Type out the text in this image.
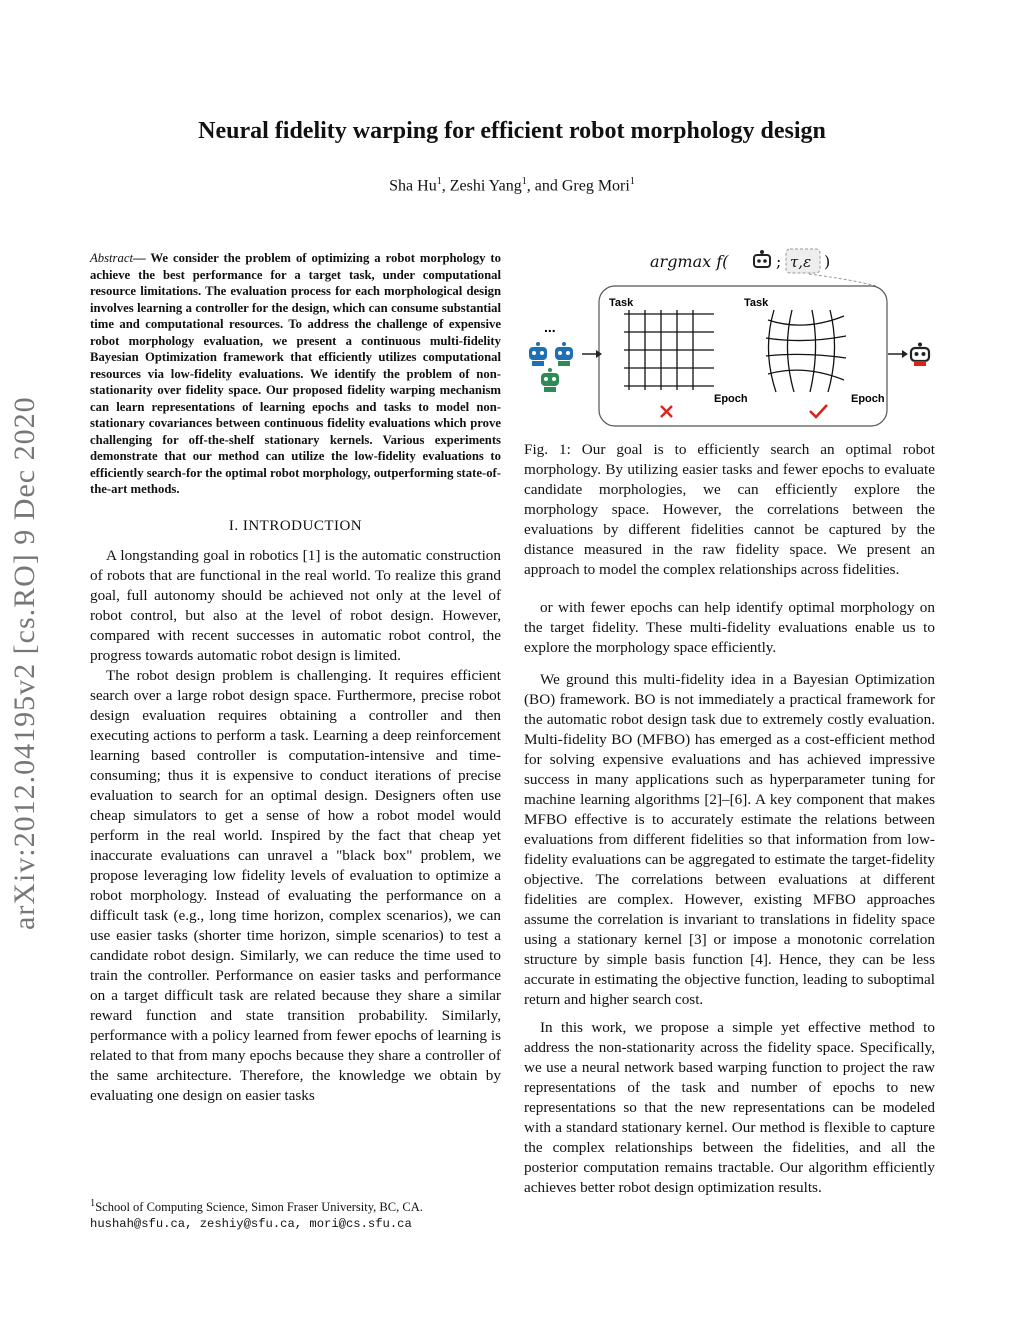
Neural fidelity warping for efficient robot morphology design
Sha Hu$^1$, Zeshi Yang$^1$, and Greg Mori$^1$
arXiv:2012.04195v2 [cs.RO] 9 Dec 2020
Abstract— We consider the problem of optimizing a robot morphology to achieve the best performance for a target task, under computational resource limitations. The evaluation process for each morphological design involves learning a controller for the design, which can consume substantial time and computational resources. To address the challenge of expensive robot morphology evaluation, we present a continuous multi-fidelity Bayesian Optimization framework that efficiently utilizes computational resources via low-fidelity evaluations. We identify the problem of non-stationarity over fidelity space. Our proposed fidelity warping mechanism can learn representations of learning epochs and tasks to model non-stationary covariances between continuous fidelity evaluations which prove challenging for off-the-shelf stationary kernels. Various experiments demonstrate that our method can utilize the low-fidelity evaluations to efficiently search-for the optimal robot morphology, outperforming state-of-the-art methods.
I. INTRODUCTION

A longstanding goal in robotics [1] is the automatic construction of robots that are functional in the real world. To realize this grand goal, full autonomy should be achieved not only at the level of robot control, but also at the level of robot design. However, compared with recent successes in automatic robot control, the progress towards automatic robot design is limited.

The robot design problem is challenging. It requires efficient search over a large robot design space. Furthermore, precise robot design evaluation requires obtaining a controller and then executing actions to perform a task. Learning a deep reinforcement learning based controller is computation-intensive and time-consuming; thus it is expensive to conduct iterations of precise evaluation to search for an optimal design. Designers often use cheap simulators to get a sense of how a robot model would perform in the real world. Inspired by the fact that cheap yet inaccurate evaluations can unravel a "black box" problem, we propose leveraging low fidelity levels of evaluation to optimize a robot morphology. Instead of evaluating the performance on a difficult task (e.g., long time horizon, complex scenarios), we can use easier tasks (shorter time horizon, simple scenarios) to test a candidate robot design. Similarly, we can reduce the time used to train the controller. Performance on easier tasks and performance on a target difficult task are related because they share a similar reward function and state transition probability. Similarly, performance with a policy learned from fewer epochs of learning is related to that from many epochs because they share a controller of the same architecture. Therefore, the knowledge we obtain by evaluating one design on easier tasks

$^1$School of Computing Science, Simon Fraser University, BC, CA.
hushah@sfu.ca, zeshiy@sfu.ca, mori@cs.sfu.ca
argmax f(	; τ,ε )
Task	Task
Epoch	Epoch
...
Fig. 1: Our goal is to efficiently search an optimal robot morphology. By utilizing easier tasks and fewer epochs to evaluate candidate morphologies, we can efficiently explore the morphology space. However, the correlations between the evaluations by different fidelities cannot be captured by the distance measured in the raw fidelity space. We present an approach to model the complex relationships across fidelities.

or with fewer epochs can help identify optimal morphology on the target fidelity. These multi-fidelity evaluations enable us to explore the morphology space efficiently.

We ground this multi-fidelity idea in a Bayesian Optimization (BO) framework. BO is not immediately a practical framework for the automatic robot design task due to extremely costly evaluation. Multi-fidelity BO (MFBO) has emerged as a cost-efficient method for solving expensive evaluations and has achieved impressive success in many applications such as hyperparameter tuning for machine learning algorithms [2]–[6]. A key component that makes MFBO effective is to accurately estimate the relations between evaluations from different fidelities so that information from low-fidelity evaluations can be aggregated to estimate the target-fidelity objective. The correlations between evaluations at different fidelities are complex. However, existing MFBO approaches assume the correlation is invariant to translations in fidelity space using a stationary kernel [3] or impose a monotonic correlation structure by simple basis function [4]. Hence, they can be less accurate in estimating the objective function, leading to suboptimal return and higher search cost.

In this work, we propose a simple yet effective method to address the non-stationarity across the fidelity space. Specifically, we use a neural network based warping function to project the raw representations of the task and number of epochs to new representations so that the new representations can be modeled with a standard stationary kernel. Our method is flexible to capture the complex relationships between the fidelities, and all the posterior computation remains tractable. Our algorithm efficiently achieves better robot design optimization results.
